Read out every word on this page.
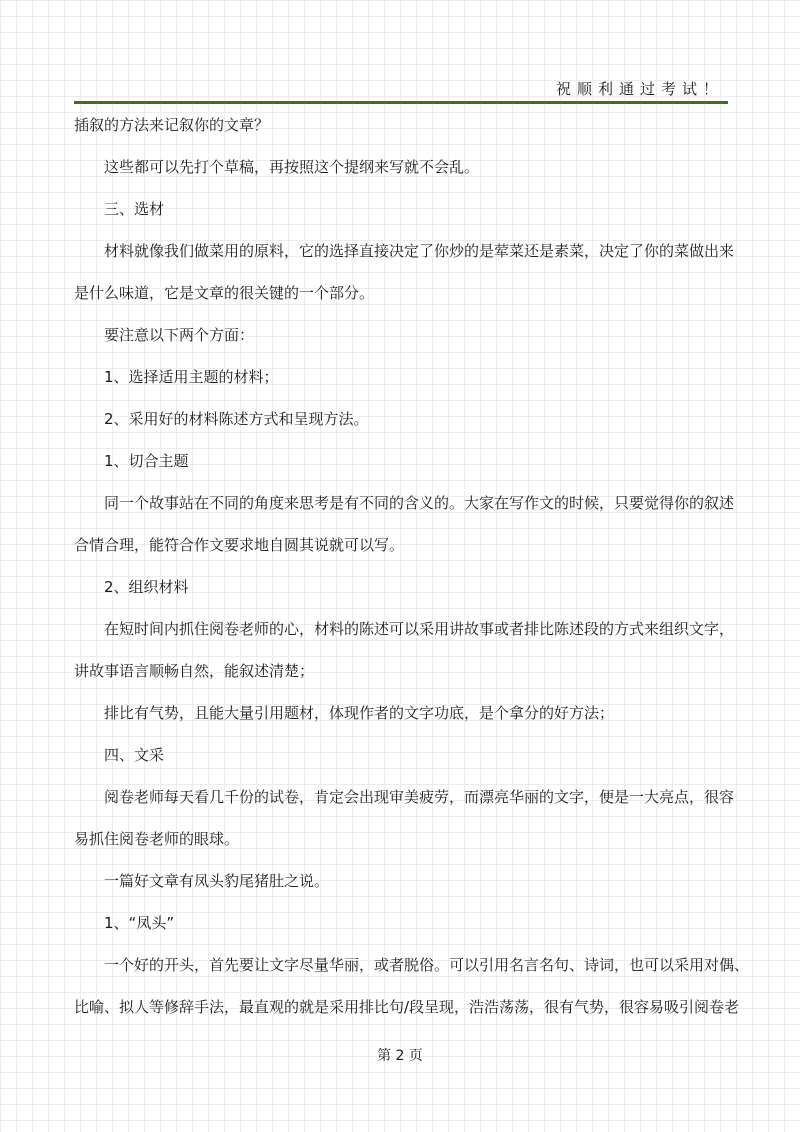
祝顺利通过考试！

插叙的方法来记叙你的文章？

这些都可以先打个草稿，再按照这个提纲来写就不会乱。

三、选材

材料就像我们做菜用的原料，它的选择直接决定了你炒的是荤菜还是素菜，决定了你的菜做出来

是什么味道，它是文章的很关键的一个部分。

要注意以下两个方面：

1、选择适用主题的材料；

2、采用好的材料陈述方式和呈现方法。

1、切合主题

同一个故事站在不同的角度来思考是有不同的含义的。大家在写作文的时候，只要觉得你的叙述

合情合理，能符合作文要求地自圆其说就可以写。

2、组织材料

在短时间内抓住阅卷老师的心，材料的陈述可以采用讲故事或者排比陈述段的方式来组织文字，

讲故事语言顺畅自然，能叙述清楚；

排比有气势，且能大量引用题材，体现作者的文字功底，是个拿分的好方法；

四、文采

阅卷老师每天看几千份的试卷，肯定会出现审美疲劳，而漂亮华丽的文字，便是一大亮点，很容

易抓住阅卷老师的眼球。

一篇好文章有凤头豹尾猪肚之说。

1、“凤头”

一个好的开头，首先要让文字尽量华丽，或者脱俗。可以引用名言名句、诗词，也可以采用对偶、

比喻、拟人等修辞手法，最直观的就是采用排比句/段呈现，浩浩荡荡，很有气势，很容易吸引阅卷老

第 2 页
